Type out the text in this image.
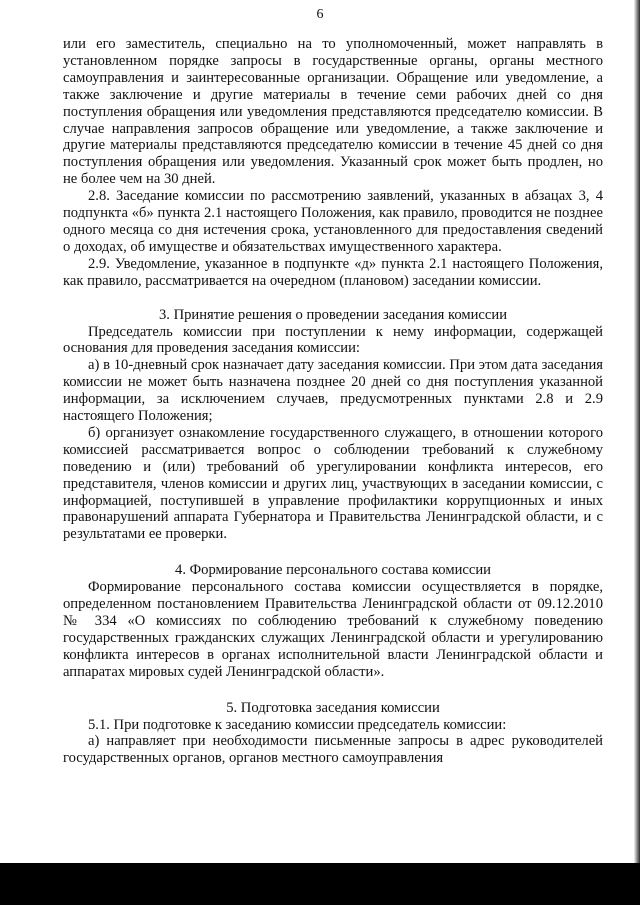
6

или его заместитель, специально на то уполномоченный, может направлять в установленном порядке запросы в государственные органы, органы местного самоуправления и заинтересованные организации. Обращение или уведомление, а также заключение и другие материалы в течение семи рабочих дней со дня поступления обращения или уведомления представляются председателю комиссии. В случае направления запросов обращение или уведомление, а также заключение и другие материалы представляются председателю комиссии в течение 45 дней со дня поступления обращения или уведомления. Указанный срок может быть продлен, но не более чем на 30 дней.

2.8. Заседание комиссии по рассмотрению заявлений, указанных в абзацах 3, 4 подпункта «б» пункта 2.1 настоящего Положения, как правило, проводится не позднее одного месяца со дня истечения срока, установленного для предоставления сведений о доходах, об имуществе и обязательствах имущественного характера.

2.9. Уведомление, указанное в подпункте «д» пункта 2.1 настоящего Положения, как правило, рассматривается на очередном (плановом) заседании комиссии.

3. Принятие решения о проведении заседания комиссии

Председатель комиссии при поступлении к нему информации, содержащей основания для проведения заседания комиссии:

а) в 10-дневный срок назначает дату заседания комиссии. При этом дата заседания комиссии не может быть назначена позднее 20 дней со дня поступления указанной информации, за исключением случаев, предусмотренных пунктами 2.8 и 2.9 настоящего Положения;

б) организует ознакомление государственного служащего, в отношении которого комиссией рассматривается вопрос о соблюдении требований к служебному поведению и (или) требований об урегулировании конфликта интересов, его представителя, членов комиссии и других лиц, участвующих в заседании комиссии, с информацией, поступившей в управление профилактики коррупционных и иных правонарушений аппарата Губернатора и Правительства Ленинградской области, и с результатами ее проверки.

4. Формирование персонального состава комиссии

Формирование персонального состава комиссии осуществляется в порядке, определенном постановлением Правительства Ленинградской области от 09.12.2010 № 334 «О комиссиях по соблюдению требований к служебному поведению государственных гражданских служащих Ленинградской области и урегулированию конфликта интересов в органах исполнительной власти Ленинградской области и аппаратах мировых судей Ленинградской области».

5. Подготовка заседания комиссии

5.1. При подготовке к заседанию комиссии председатель комиссии:

а) направляет при необходимости письменные запросы в адрес руководителей государственных органов, органов местного самоуправления
